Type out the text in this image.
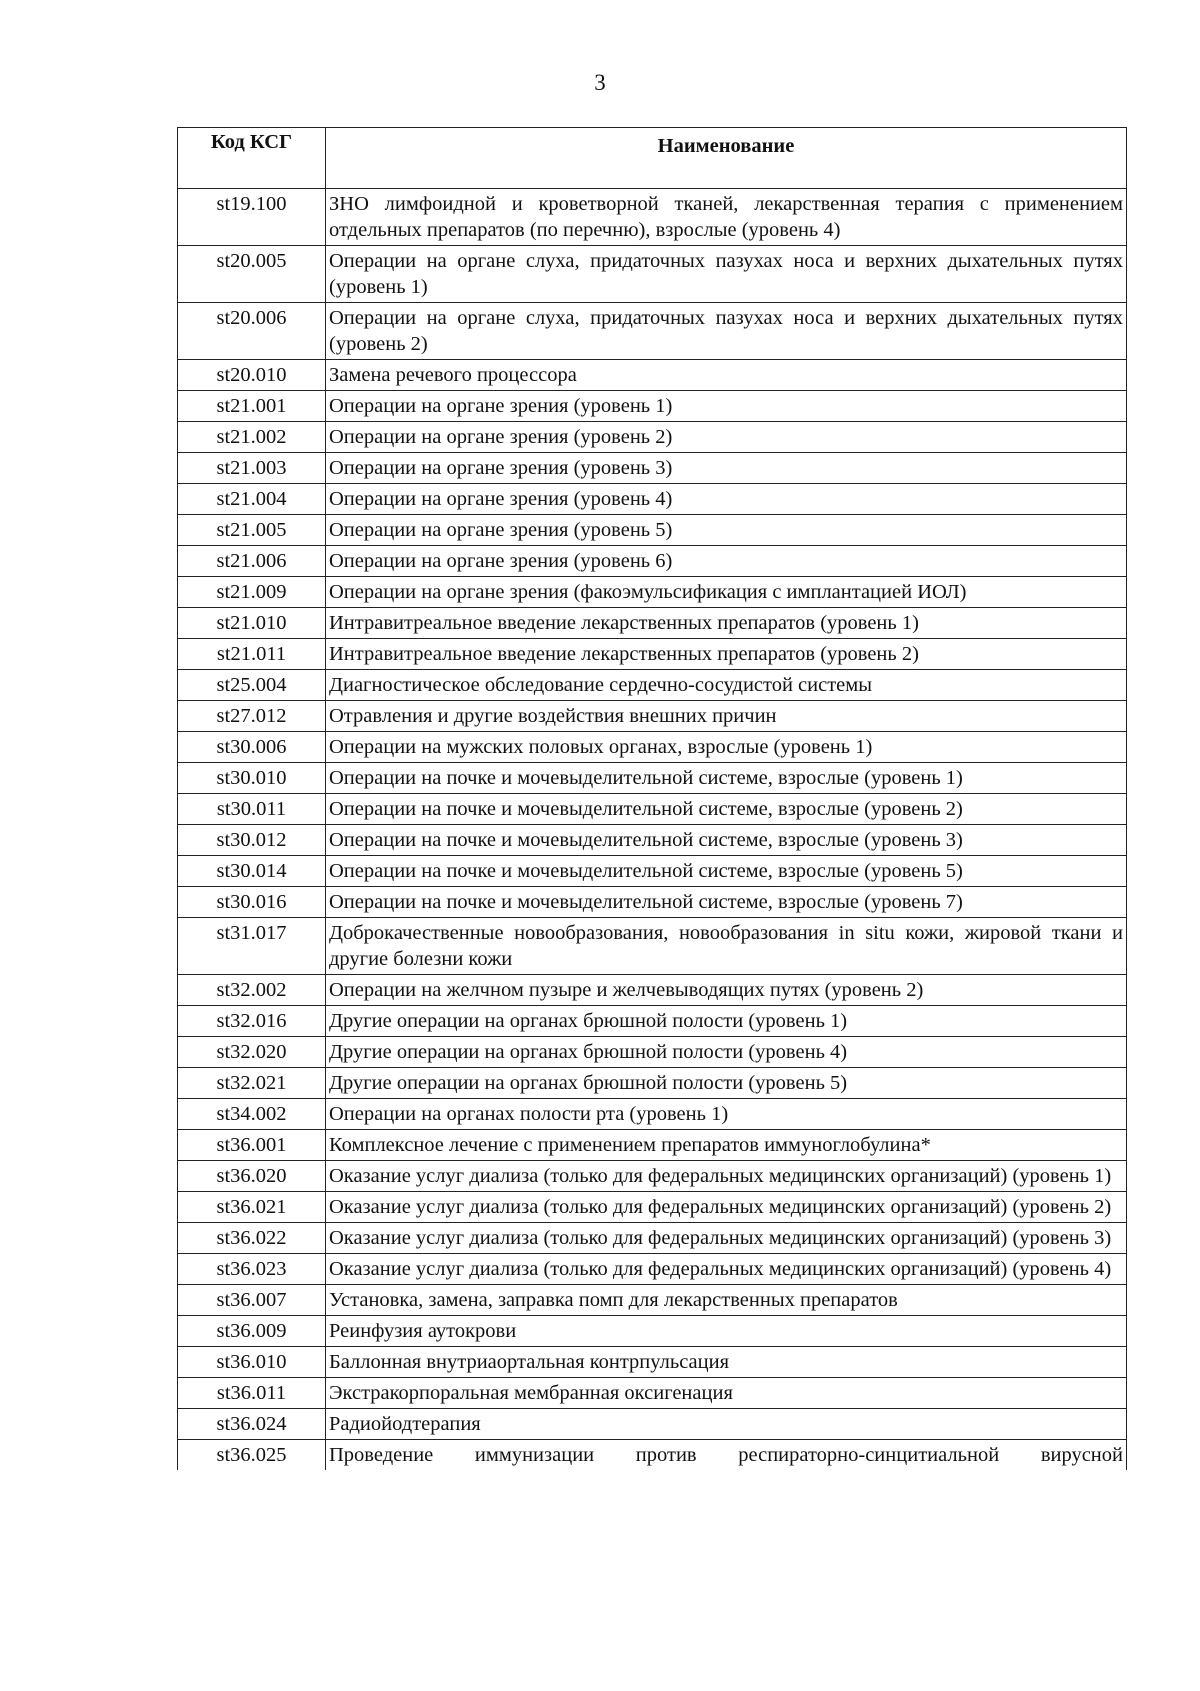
3
Код КСГ	Наименование
st19.100	ЗНО лимфоидной и кроветворной тканей, лекарственная терапия с применением отдельных препаратов (по перечню), взрослые (уровень 4)
st20.005	Операции на органе слуха, придаточных пазухах носа и верхних дыхательных путях (уровень 1)
st20.006	Операции на органе слуха, придаточных пазухах носа и верхних дыхательных путях (уровень 2)
st20.010	Замена речевого процессора
st21.001	Операции на органе зрения (уровень 1)
st21.002	Операции на органе зрения (уровень 2)
st21.003	Операции на органе зрения (уровень 3)
st21.004	Операции на органе зрения (уровень 4)
st21.005	Операции на органе зрения (уровень 5)
st21.006	Операции на органе зрения (уровень 6)
st21.009	Операции на органе зрения (факоэмульсификация с имплантацией ИОЛ)
st21.010	Интравитреальное введение лекарственных препаратов (уровень 1)
st21.011	Интравитреальное введение лекарственных препаратов (уровень 2)
st25.004	Диагностическое обследование сердечно-сосудистой системы
st27.012	Отравления и другие воздействия внешних причин
st30.006	Операции на мужских половых органах, взрослые (уровень 1)
st30.010	Операции на почке и мочевыделительной системе, взрослые (уровень 1)
st30.011	Операции на почке и мочевыделительной системе, взрослые (уровень 2)
st30.012	Операции на почке и мочевыделительной системе, взрослые (уровень 3)
st30.014	Операции на почке и мочевыделительной системе, взрослые (уровень 5)
st30.016	Операции на почке и мочевыделительной системе, взрослые (уровень 7)
st31.017	Доброкачественные новообразования, новообразования in situ кожи, жировой ткани и другие болезни кожи
st32.002	Операции на желчном пузыре и желчевыводящих путях (уровень 2)
st32.016	Другие операции на органах брюшной полости (уровень 1)
st32.020	Другие операции на органах брюшной полости (уровень 4)
st32.021	Другие операции на органах брюшной полости (уровень 5)
st34.002	Операции на органах полости рта (уровень 1)
st36.001	Комплексное лечение с применением препаратов иммуноглобулина*
st36.020	Оказание услуг диализа (только для федеральных медицинских организаций) (уровень 1)
st36.021	Оказание услуг диализа (только для федеральных медицинских организаций) (уровень 2)
st36.022	Оказание услуг диализа (только для федеральных медицинских организаций) (уровень 3)
st36.023	Оказание услуг диализа (только для федеральных медицинских организаций) (уровень 4)
st36.007	Установка, замена, заправка помп для лекарственных препаратов
st36.009	Реинфузия аутокрови
st36.010	Баллонная внутриаортальная контрпульсация
st36.011	Экстракорпоральная мембранная оксигенация
st36.024	Радиойодтерапия
st36.025	Проведение иммунизации против респираторно-синцитиальной вирусной
